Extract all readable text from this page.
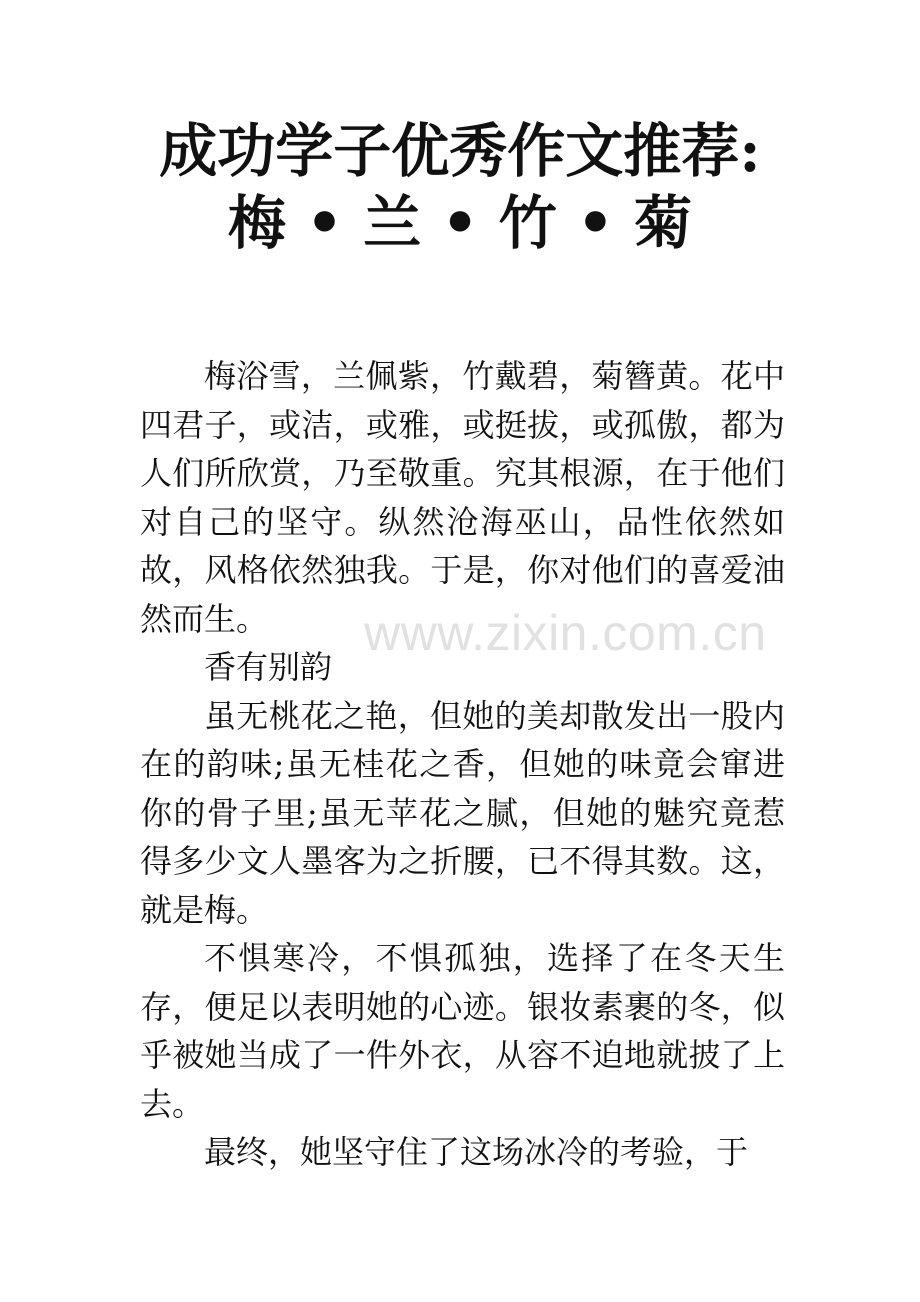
成功学子优秀作文推荐:
梅 • 兰 • 竹 • 菊

梅浴雪，兰佩紫，竹戴碧，菊簪黄。花中四君子，或洁，或雅，或挺拔，或孤傲，都为人们所欣赏，乃至敬重。究其根源，在于他们对自己的坚守。纵然沧海巫山，品性依然如故，风格依然独我。于是，你对他们的喜爱油然而生。

香有别韵

虽无桃花之艳，但她的美却散发出一股内在的韵味;虽无桂花之香，但她的味竟会窜进你的骨子里;虽无苹花之腻，但她的魅究竟惹得多少文人墨客为之折腰，已不得其数。这，就是梅。

不惧寒冷，不惧孤独，选择了在冬天生存，便足以表明她的心迹。银妆素裹的冬，似乎被她当成了一件外衣，从容不迫地就披了上去。

最终，她坚守住了这场冰冷的考验，于

www.zixin.com.cn
